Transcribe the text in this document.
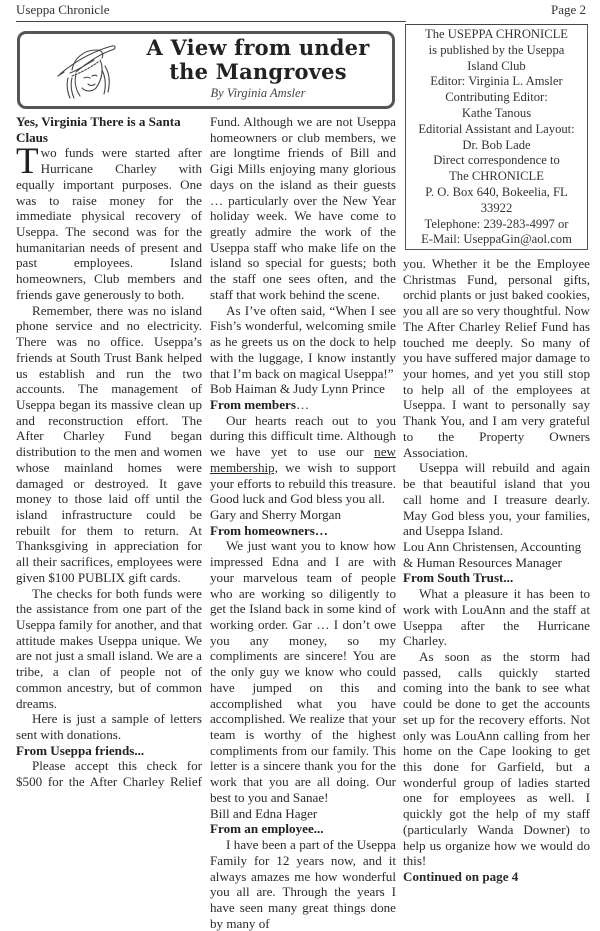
Useppa Chronicle	Page 2
A View from under the Mangroves
By Virginia Amsler
The USEPPA CHRONICLE
is published by the Useppa
Island Club
Editor: Virginia L. Amsler
Contributing Editor:
Kathe Tanous
Editorial Assistant and Layout:
Dr. Bob Lade
Direct correspondence to
The CHRONICLE
P. O. Box 640, Bokeelia, FL
33922
Telephone: 239-283-4997 or
E-Mail: UseppaGin@aol.com

Yes, Virginia There is a Santa Claus

Two funds were started after Hurricane Charley with equally important purposes. One was to raise money for the immediate physical recovery of Useppa. The second was for the humanitarian needs of present and past employees. Island homeowners, Club members and friends gave generously to both.

Remember, there was no island phone service and no electricity. There was no office. Useppa’s friends at South Trust Bank helped us establish and run the two accounts. The management of Useppa began its massive clean up and reconstruction effort. The After Charley Fund began distribution to the men and women whose mainland homes were damaged or destroyed. It gave money to those laid off until the island infrastructure could be rebuilt for them to return. At Thanksgiving in appreciation for all their sacrifices, employees were given $100 PUBLIX gift cards.

The checks for both funds were the assistance from one part of the Useppa family for another, and that attitude makes Useppa unique. We are not just a small island. We are a tribe, a clan of people not of common ancestry, but of common dreams.

Here is just a sample of letters sent with donations.

From Useppa friends...

Please accept this check for $500 for the After Charley Relief

Fund. Although we are not Useppa homeowners or club members, we are longtime friends of Bill and Gigi Mills enjoying many glorious days on the island as their guests … particularly over the New Year holiday week. We have come to greatly admire the work of the Useppa staff who make life on the island so special for guests; both the staff one sees often, and the staff that work behind the scene.

As I’ve often said, “When I see Fish’s wonderful, welcoming smile as he greets us on the dock to help with the luggage, I know instantly that I’m back on magical Useppa!”

Bob Haiman & Judy Lynn Prince

From members…

Our hearts reach out to you during this difficult time. Although we have yet to use our new membership, we wish to support your efforts to rebuild this treasure. Good luck and God bless you all.

Gary and Sherry Morgan

From homeowners…

We just want you to know how impressed Edna and I are with your marvelous team of people who are working so diligently to get the Island back in some kind of working order. Gar … I don’t owe you any money, so my compliments are sincere! You are the only guy we know who could have jumped on this and accomplished what you have accomplished. We realize that your team is worthy of the highest compliments from our family. This letter is a sincere thank you for the work that you are all doing. Our best to you and Sanae!

Bill and Edna Hager

From an employee...

I have been a part of the Useppa Family for 12 years now, and it always amazes me how wonderful you all are. Through the years I have seen many great things done by many of

you. Whether it be the Employee Christmas Fund, personal gifts, orchid plants or just baked cookies, you all are so very thoughtful. Now The After Charley Relief Fund has touched me deeply. So many of you have suffered major damage to your homes, and yet you still stop to help all of the employees at Useppa. I want to personally say Thank You, and I am very grateful to the Property Owners Association.

Useppa will rebuild and again be that beautiful island that you call home and I treasure dearly. May God bless you, your families, and Useppa Island.

Lou Ann Christensen, Accounting & Human Resources Manager

From South Trust...

What a pleasure it has been to work with LouAnn and the staff at Useppa after the Hurricane Charley.

As soon as the storm had passed, calls quickly started coming into the bank to see what could be done to get the accounts set up for the recovery efforts. Not only was LouAnn calling from her home on the Cape looking to get this done for Garfield, but a wonderful group of ladies started one for employees as well. I quickly got the help of my staff (particularly Wanda Downer) to help us organize how we would do this!

Continued on page 4
